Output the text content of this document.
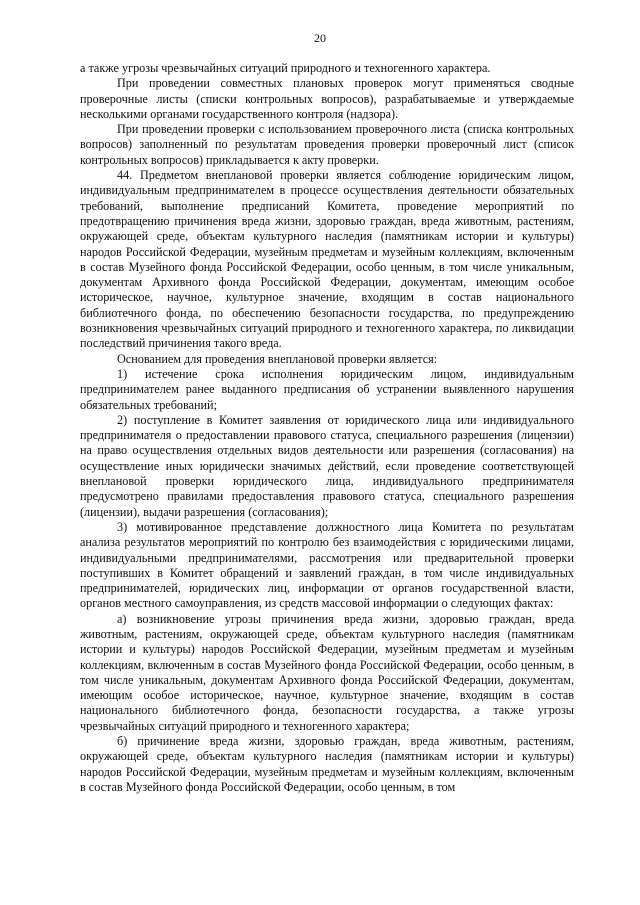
20

а также угрозы чрезвычайных ситуаций природного и техногенного характера.

При проведении совместных плановых проверок могут применяться сводные проверочные листы (списки контрольных вопросов), разрабатываемые и утверждаемые несколькими органами государственного контроля (надзора).

При проведении проверки с использованием проверочного листа (списка контрольных вопросов) заполненный по результатам проведения проверки проверочный лист (список контрольных вопросов) прикладывается к акту проверки.

44. Предметом внеплановой проверки является соблюдение юридическим лицом, индивидуальным предпринимателем в процессе осуществления деятельности обязательных требований, выполнение предписаний Комитета, проведение мероприятий по предотвращению причинения вреда жизни, здоровью граждан, вреда животным, растениям, окружающей среде, объектам культурного наследия (памятникам истории и культуры) народов Российской Федерации, музейным предметам и музейным коллекциям, включенным в состав Музейного фонда Российской Федерации, особо ценным, в том числе уникальным, документам Архивного фонда Российской Федерации, документам, имеющим особое историческое, научное, культурное значение, входящим в состав национального библиотечного фонда, по обеспечению безопасности государства, по предупреждению возникновения чрезвычайных ситуаций природного и техногенного характера, по ликвидации последствий причинения такого вреда.

Основанием для проведения внеплановой проверки является:

1) истечение срока исполнения юридическим лицом, индивидуальным предпринимателем ранее выданного предписания об устранении выявленного нарушения обязательных требований;

2) поступление в Комитет заявления от юридического лица или индивидуального предпринимателя о предоставлении правового статуса, специального разрешения (лицензии) на право осуществления отдельных видов деятельности или разрешения (согласования) на осуществление иных юридически значимых действий, если проведение соответствующей внеплановой проверки юридического лица, индивидуального предпринимателя предусмотрено правилами предоставления правового статуса, специального разрешения (лицензии), выдачи разрешения (согласования);

3) мотивированное представление должностного лица Комитета по результатам анализа результатов мероприятий по контролю без взаимодействия с юридическими лицами, индивидуальными предпринимателями, рассмотрения или предварительной проверки поступивших в Комитет обращений и заявлений граждан, в том числе индивидуальных предпринимателей, юридических лиц, информации от органов государственной власти, органов местного самоуправления, из средств массовой информации о следующих фактах:

а) возникновение угрозы причинения вреда жизни, здоровью граждан, вреда животным, растениям, окружающей среде, объектам культурного наследия (памятникам истории и культуры) народов Российской Федерации, музейным предметам и музейным коллекциям, включенным в состав Музейного фонда Российской Федерации, особо ценным, в том числе уникальным, документам Архивного фонда Российской Федерации, документам, имеющим особое историческое, научное, культурное значение, входящим в состав национального библиотечного фонда, безопасности государства, а также угрозы чрезвычайных ситуаций природного и техногенного характера;

б) причинение вреда жизни, здоровью граждан, вреда животным, растениям, окружающей среде, объектам культурного наследия (памятникам истории и культуры) народов Российской Федерации, музейным предметам и музейным коллекциям, включенным в состав Музейного фонда Российской Федерации, особо ценным, в том
